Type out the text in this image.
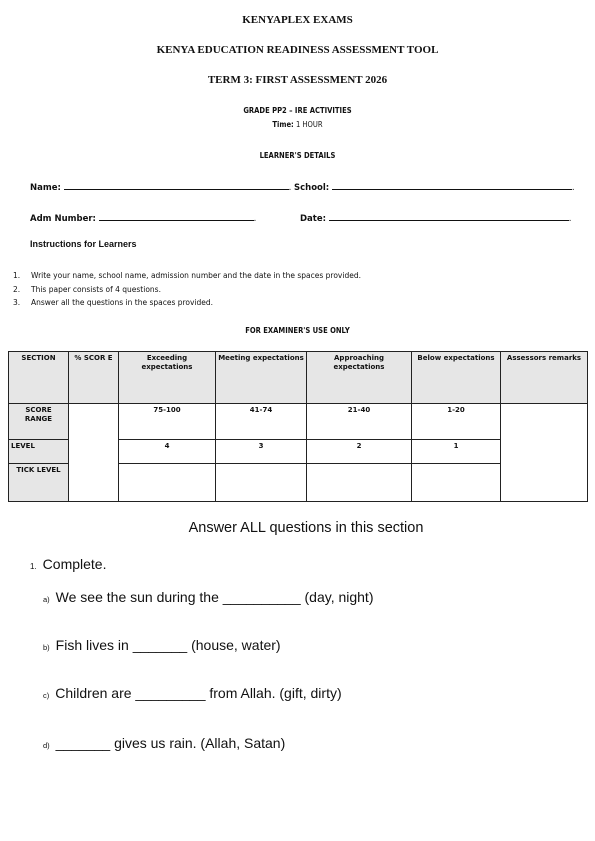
KENYAPLEX EXAMS
KENYA EDUCATION READINESS ASSESSMENT TOOL
TERM 3: FIRST ASSESSMENT 2026
GRADE PP2 – IRE ACTIVITIES
Time: 1 HOUR
LEARNER'S DETAILS
Name:	. School:	.
Adm Number:	.	Date:	.
Instructions for Learners
1. Write your name, school name, admission number and the date in the spaces provided.
2. This paper consists of 4 questions.
3. Answer all the questions in the spaces provided.
FOR EXAMINER'S USE ONLY
SECTION	% SCOR E	Exceeding expectations	Meeting expectations	Approaching expectations	Below expectations	Assessors remarks
SCORE RANGE		75-100	41-74	21-40	1-20	
LEVEL		4	3	2	1	
TICK LEVEL						
Answer ALL questions in this section
1. Complete.
a) We see the sun during the __________ (day, night)
b) Fish lives in _______ (house, water)
c) Children are _________ from Allah. (gift, dirty)
d) _______ gives us rain. (Allah, Satan)
